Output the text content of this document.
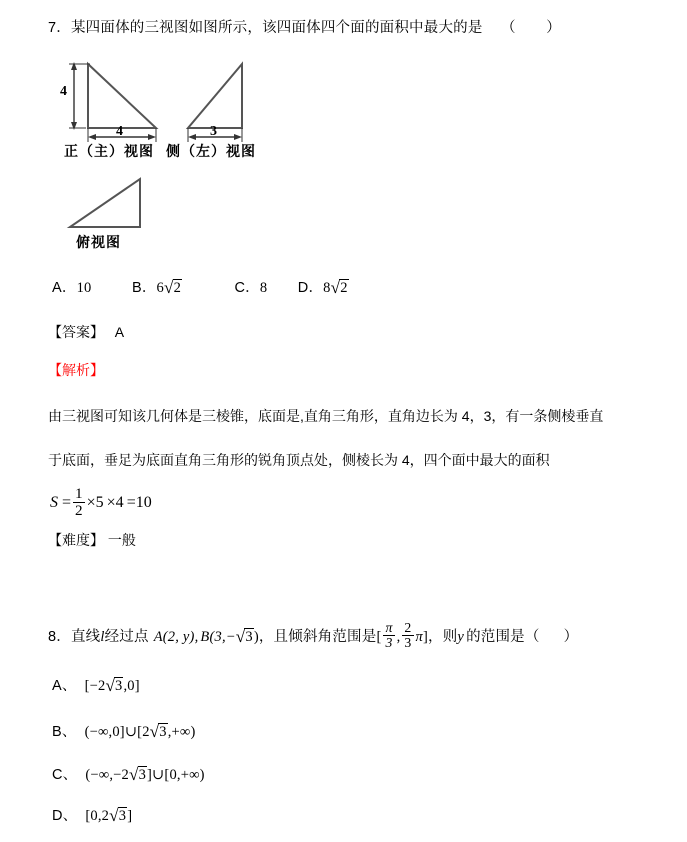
7．某四面体的三视图如图所示，该四面体四个面的面积中最大的是 （ ）
4
4	3
正（主）视图 侧（左）视图
俯视图
A． 10
	B． 6 √ 2
	C． 8
D． 8 √ 2
【答案】 A
【解析】
由三视图可知该几何体是三棱锥，底面是,直角三角形，直角边长为 4，3，有一条侧棱垂直
于底面，垂足为底面直角三角形的锐角顶点处，侧棱长为 4，四个面中最大的面积
$S = \frac{1}{2} \times 5 \times 4 =10$
【难度】 一般
8．直线 l 经过点 A(2, y), B(3,− √ 3 ) ，且倾斜角范围是 [ $\frac{\pi}{3}$ , $\frac{2}{3}$ π ] ，则 y 的范围是（ ）
A、 [−2 √ 3 ,0]
B、 (−∞,0]∪[2 √ 3 ,+∞)
C、 (−∞,−2 √ 3 ]∪[0,+∞)
D、 [0,2 √ 3 ]
